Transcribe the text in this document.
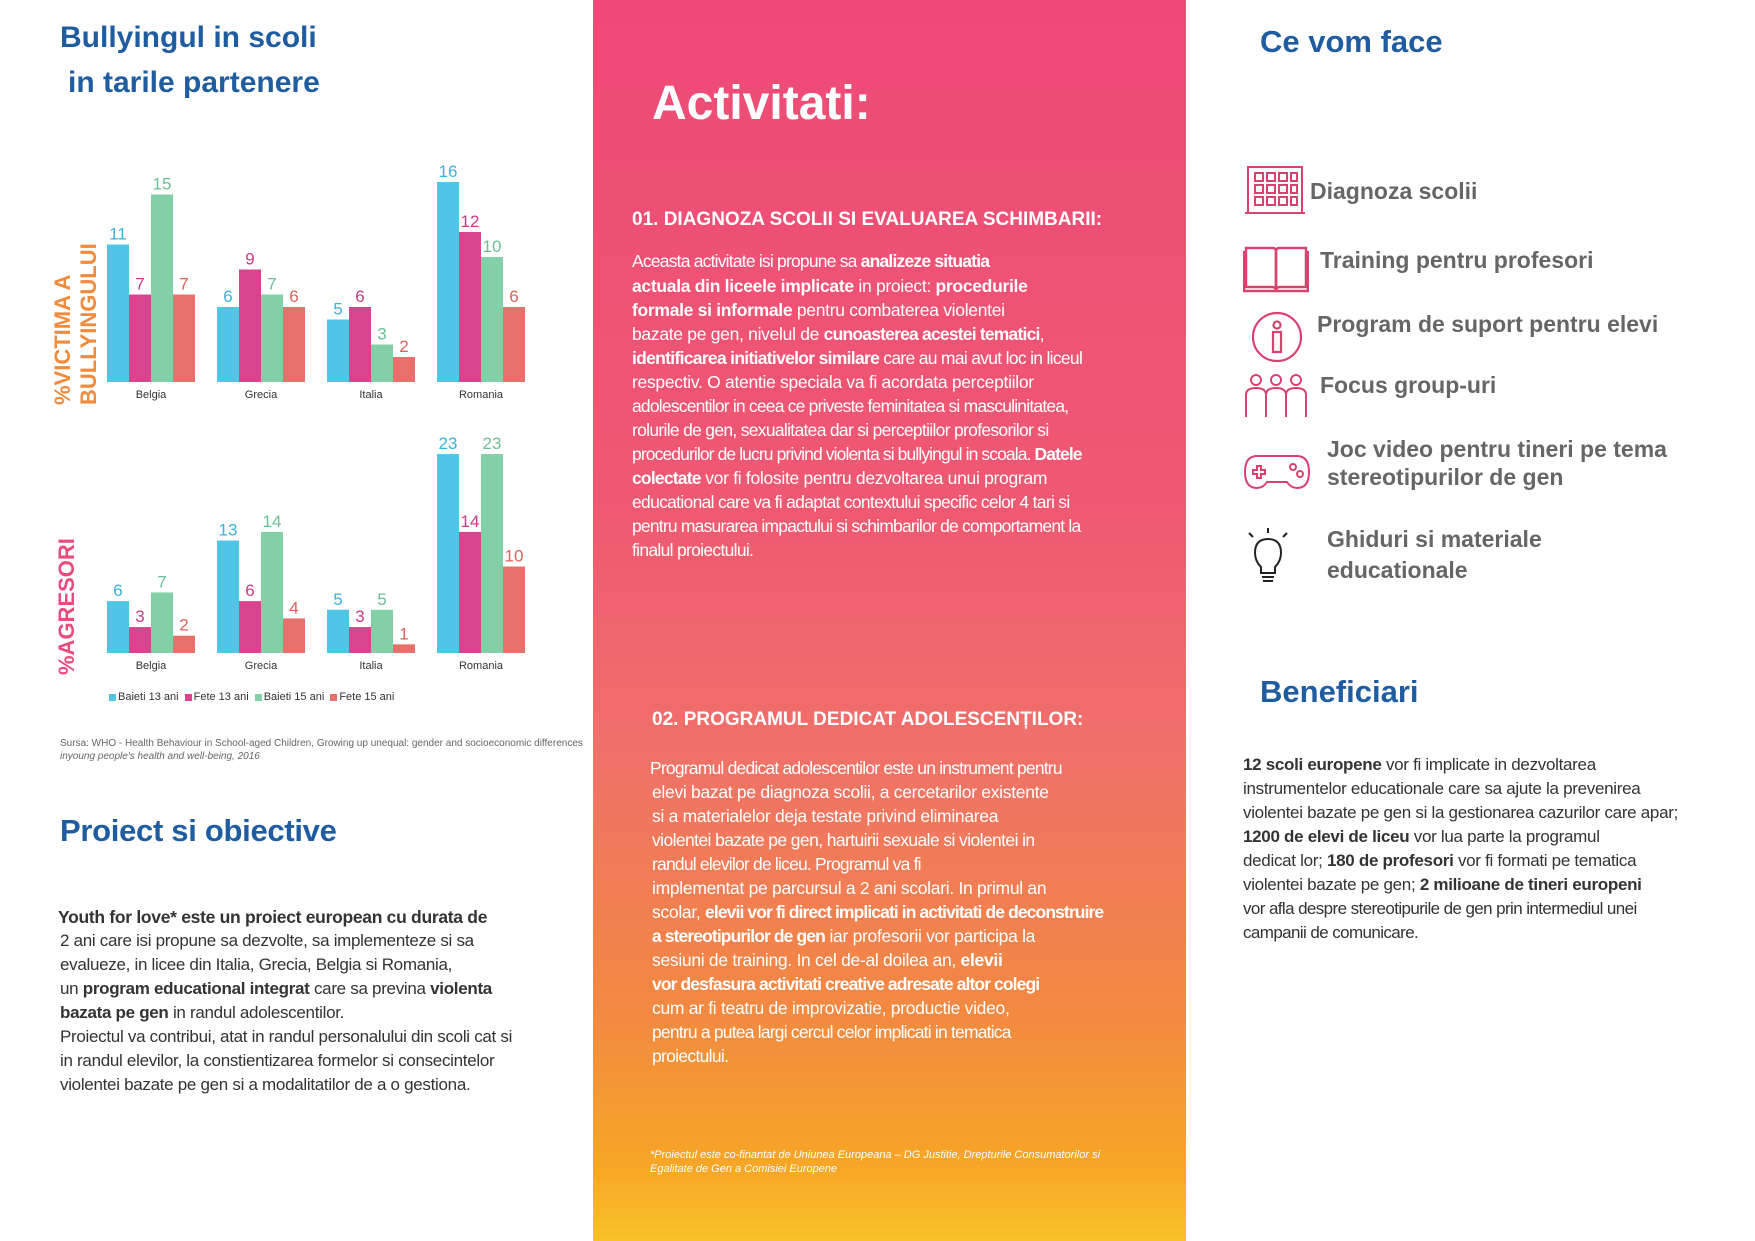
Bullyingul in scoli
in tarile partenere
%VICTIMA A BULLYINGULUI
%AGRESORI
11
7
15
7
Belgia
6
9
7
6
Grecia
5
6
3
2
Italia
16
12
10
6
Romania
6
3
7
2
Belgia
13
6
14
4
Grecia
5
3
5
1
Italia
23
14
23
10
Romania
Baieti 13 ani Fete 13 ani Baieti 15 ani Fete 15 ani
Sursa: WHO - Health Behaviour in School-aged Children, Growing up unequal: gender and socioeconomic differences
inyoung people's health and well-being, 2016
Proiect si obiective
Youth for love* este un proiect european cu durata de
2 ani care isi propune sa dezvolte, sa implementeze si sa
evalueze, in licee din Italia, Grecia, Belgia si Romania,
un program educational integrat care sa previna violenta
bazata pe gen in randul adolescentilor.
Proiectul va contribui, atat in randul personalului din scoli cat si
in randul elevilor, la constientizarea formelor si consecintelor
violentei bazate pe gen si a modalitatilor de a o gestiona.
Activitati:
01. DIAGNOZA SCOLII SI EVALUAREA SCHIMBARII:
Aceasta activitate isi propune sa analizeze situatia
actuala din liceele implicate in proiect: procedurile
formale si informale pentru combaterea violentei
bazate pe gen, nivelul de cunoasterea acestei tematici,
identificarea initiativelor similare care au mai avut loc in liceul
respectiv. O atentie speciala va fi acordata perceptiilor
adolescentilor in ceea ce priveste feminitatea si masculinitatea,
rolurile de gen, sexualitatea dar si perceptiilor profesorilor si
procedurilor de lucru privind violenta si bullyingul in scoala. Datele
colectate vor fi folosite pentru dezvoltarea unui program
educational care va fi adaptat contextului specific celor 4 tari si
pentru masurarea impactului si schimbarilor de comportament la
finalul proiectului.
02. PROGRAMUL DEDICAT ADOLESCENȚILOR:
Programul dedicat adolescentilor este un instrument pentru
elevi bazat pe diagnoza scolii, a cercetarilor existente
si a materialelor deja testate privind eliminarea
violentei bazate pe gen, hartuirii sexuale si violentei in
randul elevilor de liceu. Programul va fi
implementat pe parcursul a 2 ani scolari. In primul an
scolar, elevii vor fi direct implicati in activitati de deconstruire
a stereotipurilor de gen iar profesorii vor participa la
sesiuni de training. In cel de-al doilea an, elevii
vor desfasura activitati creative adresate altor colegi
cum ar fi teatru de improvizatie, productie video,
pentru a putea largi cercul celor implicati in tematica
proiectului.
*Proiectul este co-finantat de Uniunea Europeana – DG Justitie, Drepturile Consumatorilor si
Egalitate de Gen a Comisiei Europene
Ce vom face
Diagnoza scolii
Training pentru profesori
Program de suport pentru elevi
Focus group-uri
Joc video pentru tineri pe tema
stereotipurilor de gen
Ghiduri si materiale
educationale
Beneficiari
12 scoli europene vor fi implicate in dezvoltarea
instrumentelor educationale care sa ajute la prevenirea
violentei bazate pe gen si la gestionarea cazurilor care apar;
1200 de elevi de liceu vor lua parte la programul
dedicat lor; 180 de profesori vor fi formati pe tematica
violentei bazate pe gen; 2 milioane de tineri europeni
vor afla despre stereotipurile de gen prin intermediul unei
campanii de comunicare.
